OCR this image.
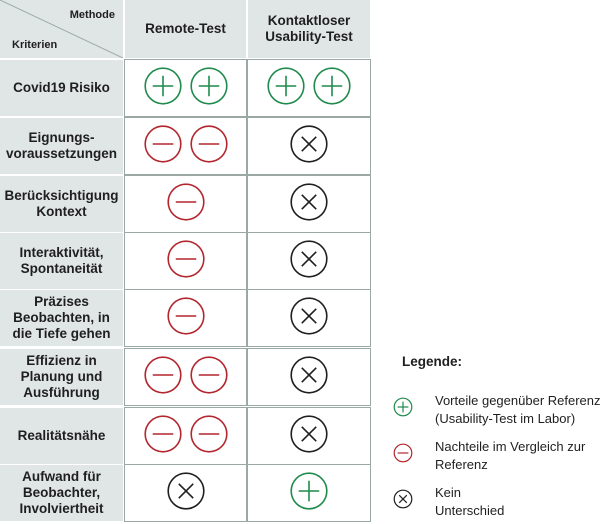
Methode
Kriterien
Remote-Test
Kontaktloser
Usability-Test
Covid19 Risiko
Eignungs-
voraussetzungen
Berücksichtigung
Kontext
Interaktivität,
Spontaneität
Präzises
Beobachten, in
die Tiefe gehen
Effizienz in
Planung und
Ausführung
Realitätsnähe
Aufwand für
Beobachter,
Involviertheit
Legende:
Vorteile gegenüber Referenz
(Usability-Test im Labor)
Nachteile im Vergleich zur
Referenz
Kein
Unterschied
